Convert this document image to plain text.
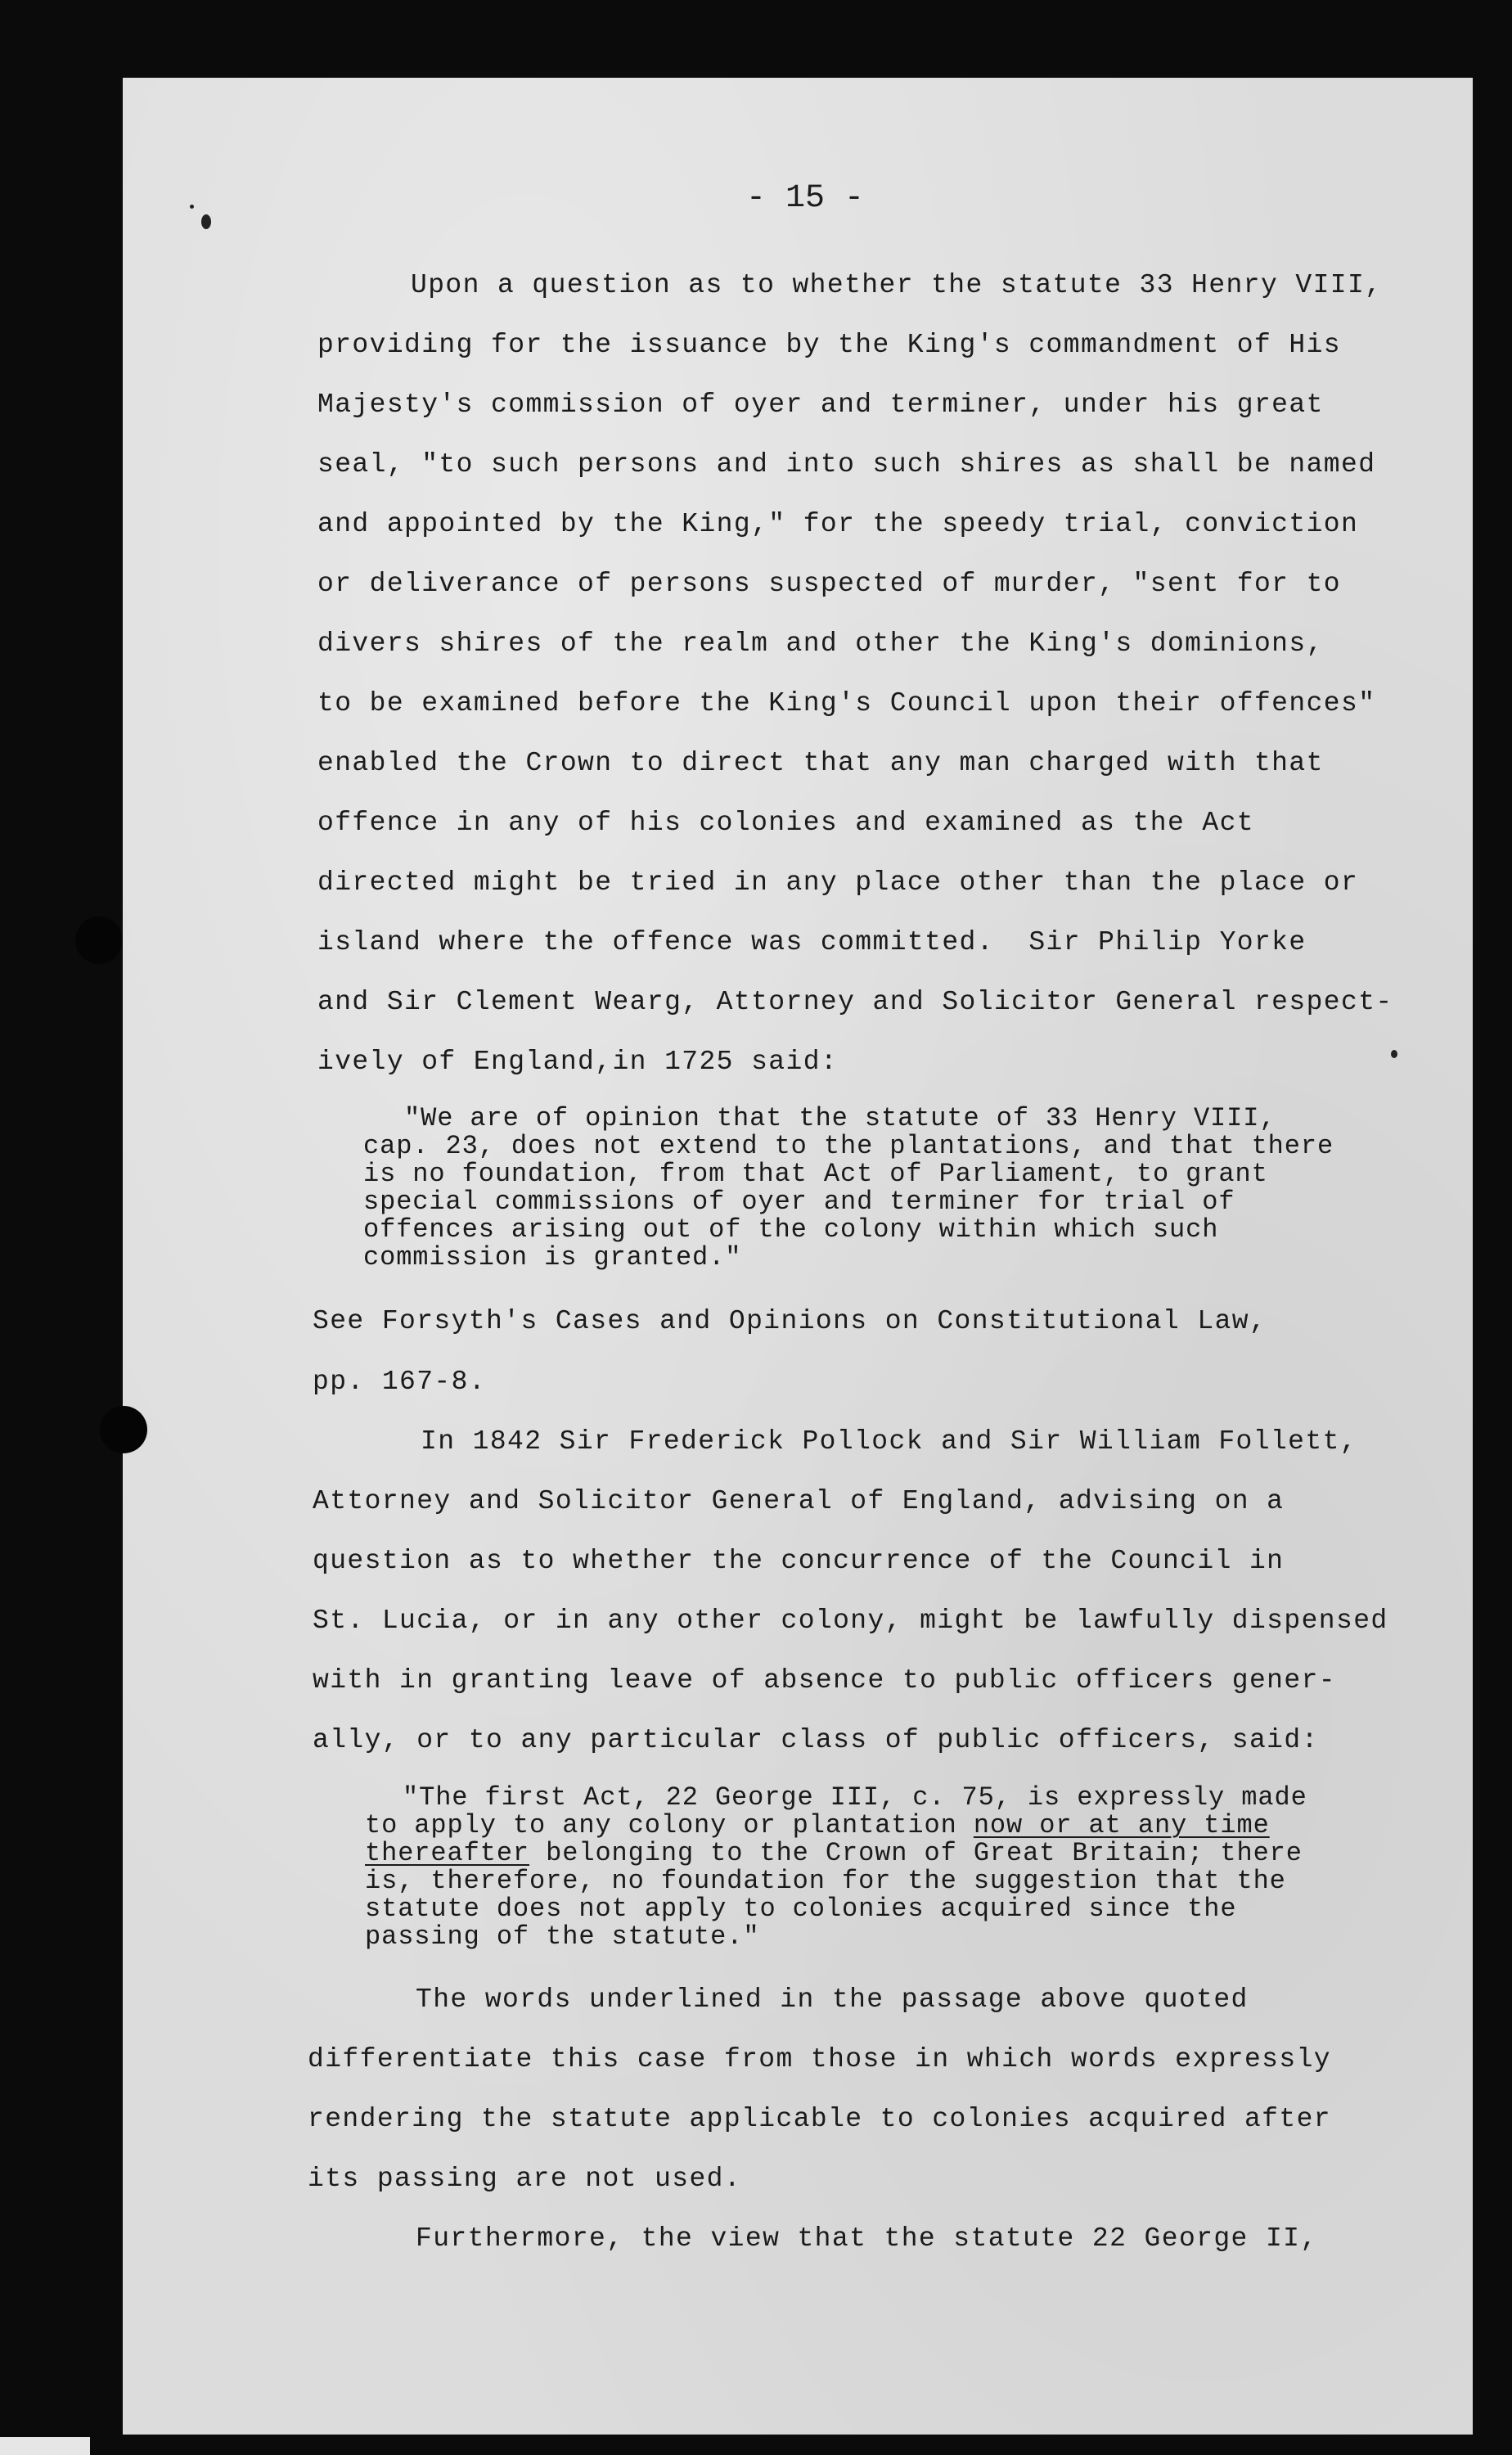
- 15 -
Upon a question as to whether the statute 33 Henry VIII,
providing for the issuance by the King's commandment of His
Majesty's commission of oyer and terminer, under his great
seal, "to such persons and into such shires as shall be named
and appointed by the King," for the speedy trial, conviction
or deliverance of persons suspected of murder, "sent for to
divers shires of the realm and other the King's dominions,
to be examined before the King's Council upon their offences"
enabled the Crown to direct that any man charged with that
offence in any of his colonies and examined as the Act
directed might be tried in any place other than the place or
island where the offence was committed.  Sir Philip Yorke
and Sir Clement Wearg, Attorney and Solicitor General respect-
ively of England,in 1725 said:
"We are of opinion that the statute of 33 Henry VIII,
cap. 23, does not extend to the plantations, and that there
is no foundation, from that Act of Parliament, to grant
special commissions of oyer and terminer for trial of
offences arising out of the colony within which such
commission is granted."
See Forsyth's Cases and Opinions on Constitutional Law,
pp. 167-8.
In 1842 Sir Frederick Pollock and Sir William Follett,
Attorney and Solicitor General of England, advising on a
question as to whether the concurrence of the Council in
St. Lucia, or in any other colony, might be lawfully dispensed
with in granting leave of absence to public officers gener-
ally, or to any particular class of public officers, said:
"The first Act, 22 George III, c. 75, is expressly made
to apply to any colony or plantation now or at any time
thereafter belonging to the Crown of Great Britain; there
is, therefore, no foundation for the suggestion that the
statute does not apply to colonies acquired since the
passing of the statute."
The words underlined in the passage above quoted
differentiate this case from those in which words expressly
rendering the statute applicable to colonies acquired after
its passing are not used.
Furthermore, the view that the statute 22 George II,
